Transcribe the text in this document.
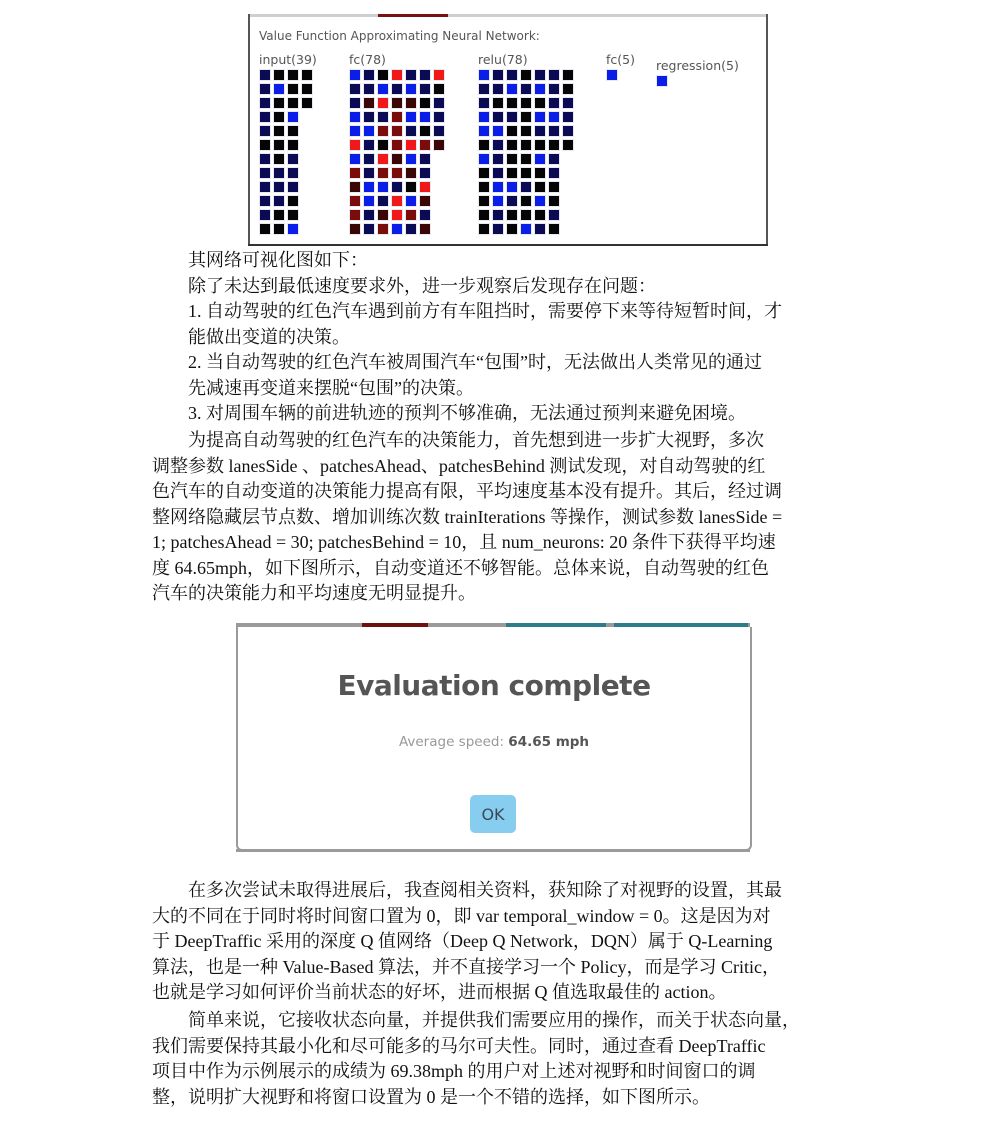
Value Function Approximating Neural Network:
input(39)	fc(78)	relu(78)	fc(5) regression(5)
其网络可视化图如下：
除了未达到最低速度要求外，进一步观察后发现存在问题：
1. 自动驾驶的红色汽车遇到前方有车阻挡时，需要停下来等待短暂时间，才
能做出变道的决策。
2. 当自动驾驶的红色汽车被周围汽车“包围”时，无法做出人类常见的通过
先减速再变道来摆脱“包围”的决策。
3. 对周围车辆的前进轨迹的预判不够准确，无法通过预判来避免困境。
为提高自动驾驶的红色汽车的决策能力，首先想到进一步扩大视野，多次
调整参数 lanesSide 、patchesAhead、patchesBehind 测试发现，对自动驾驶的红
色汽车的自动变道的决策能力提高有限，平均速度基本没有提升。其后，经过调
整网络隐藏层节点数、增加训练次数 trainIterations 等操作，测试参数 lanesSide =
1; patchesAhead = 30; patchesBehind = 10，且 num_neurons: 20 条件下获得平均速
度 64.65mph，如下图所示，自动变道还不够智能。总体来说，自动驾驶的红色
汽车的决策能力和平均速度无明显提升。
Evaluation complete
Average speed: 64.65 mph
OK
在多次尝试未取得进展后，我查阅相关资料，获知除了对视野的设置，其最
大的不同在于同时将时间窗口置为 0，即 var temporal_window = 0。这是因为对
于 DeepTraffic 采用的深度 Q 值网络（Deep Q Network，DQN）属于 Q-Learning
算法，也是一种 Value-Based 算法，并不直接学习一个 Policy，而是学习 Critic，
也就是学习如何评价当前状态的好坏，进而根据 Q 值选取最佳的 action。
简单来说，它接收状态向量，并提供我们需要应用的操作，而关于状态向量，
我们需要保持其最小化和尽可能多的马尔可夫性。同时，通过查看 DeepTraffic
项目中作为示例展示的成绩为 69.38mph 的用户对上述对视野和时间窗口的调
整，说明扩大视野和将窗口设置为 0 是一个不错的选择，如下图所示。
